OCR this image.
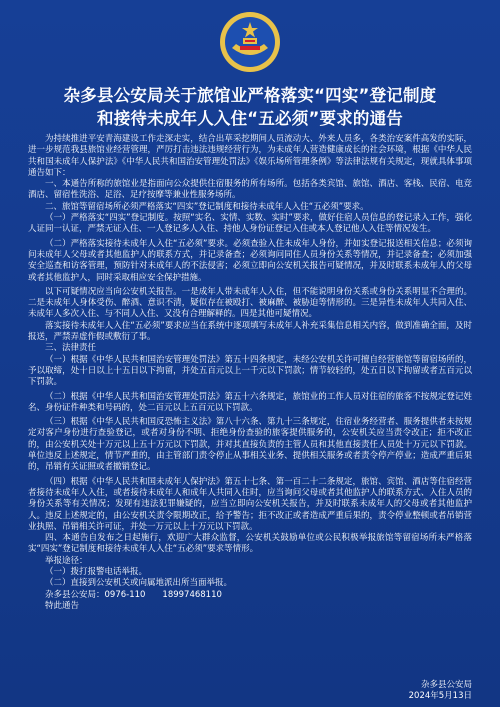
杂多县公安局关于旅馆业严格落实“四实”登记制度
和接待未成年人入住“五必须”要求的通告

为持续推进平安青海建设工作走深走实，结合出草采挖期间人员流动大、外来人员多，各类治安案件高发的实际，进一步规范我县旅馆业经营管理，严厉打击违法违规经营行为，为未成年人营造健康成长的社会环境，根据《中华人民共和国未成年人保护法》《中华人民共和国治安管理处罚法》《娱乐场所管理条例》等法律法规有关规定，现就具体事项通告如下：

一、本通告所称的旅馆业是指面向公众提供住宿服务的所有场所。包括各类宾馆、旅馆、酒店、客栈、民宿、电竞酒店、留宿性洗浴、足浴、足疗按摩等兼业性服务场所。

二、旅馆等留宿场所必须严格落实“四实”登记制度和接待未成年人入住“五必须”要求。

（一）严格落实“四实”登记制度。按照“实名、实情、实数、实时”要求，做好住宿人员信息的登记录入工作，强化人证同一认证，严禁无证入住、一人登记多人入住、持他人身份证登记入住或本人登记他人入住等情况发生。

（二）严格落实接待未成年人入住“五必须”要求。必须查验入住未成年人身份，并如实登记报送相关信息；必须询问未成年人父母或者其他监护人的联系方式，并记录备查；必须询问同住人员身份关系等情况，并记录备查；必须加强安全巡查和访客管理，预防针对未成年人的不法侵害；必须立即向公安机关报告可疑情况，并及时联系未成年人的父母或者其他监护人，同时采取相应安全保护措施。

以下可疑情况应当向公安机关报告。一是成年人带未成年人入住，但不能说明身份关系或身份关系明显不合理的。二是未成年人身体受伤、醉酒、意识不清，疑似存在被殴打、被麻醉、被胁迫等情形的。三是异性未成年人共同入住、未成年人多次入住、与不同人入住、又没有合理解释的。四是其他可疑情况。

落实接待未成年人入住“五必须”要求应当在系统中逐项填写未成年人补充采集信息相关内容，做到准确全面，及时报送，严禁弄虚作假或敷衍了事。

三、法律责任

（一）根据《中华人民共和国治安管理处罚法》第五十四条规定，未经公安机关许可擅自经营旅馆等留宿场所的，予以取缔，处十日以上十五日以下拘留，并处五百元以上一千元以下罚款；情节较轻的，处五日以下拘留或者五百元以下罚款。

（二）根据《中华人民共和国治安管理处罚法》第五十六条规定，旅馆业的工作人员对住宿的旅客不按规定登记姓名、身份证件种类和号码的，处二百元以上五百元以下罚款。

（三）根据《中华人民共和国反恐怖主义法》第八十六条、第九十三条规定，住宿业务经营者、服务提供者未按规定对客户身份进行查验登记，或者对身份不明、拒绝身份查验的旅客提供服务的，公安机关应当责令改正；拒不改正的，由公安机关处十万元以上五十万元以下罚款，并对其直接负责的主管人员和其他直接责任人员处十万元以下罚款。单位违反上述规定，情节严重的，由主管部门责令停止从事相关业务、提供相关服务或者责令停产停业；造成严重后果的，吊销有关证照或者撤销登记。

（四）根据《中华人民共和国未成年人保护法》第五十七条、第一百二十二条规定，旅馆、宾馆、酒店等住宿经营者接待未成年人入住，或者接待未成年人和成年人共同入住时，应当询问父母或者其他监护人的联系方式、入住人员的身份关系等有关情况；发现有违法犯罪嫌疑的，应当立即向公安机关报告，并及时联系未成年人的父母或者其他监护人。违反上述规定的，由公安机关责令限期改正，给予警告；拒不改正或者造成严重后果的，责令停业整顿或者吊销营业执照、吊销相关许可证，并处一万元以上十万元以下罚款。

四、本通告自发布之日起施行，欢迎广大群众监督，公安机关鼓励单位或公民积极举报旅馆等留宿场所未严格落实“四实”登记制度和接待未成年人入住“五必须”要求等情形。

举报途径：

（一）拨打报警电话举报。

（二）直接到公安机关或向属地派出所当面举报。

杂多县公安局：0976-110　　18997468110

特此通告

杂多县公安局
2024年5月13日
